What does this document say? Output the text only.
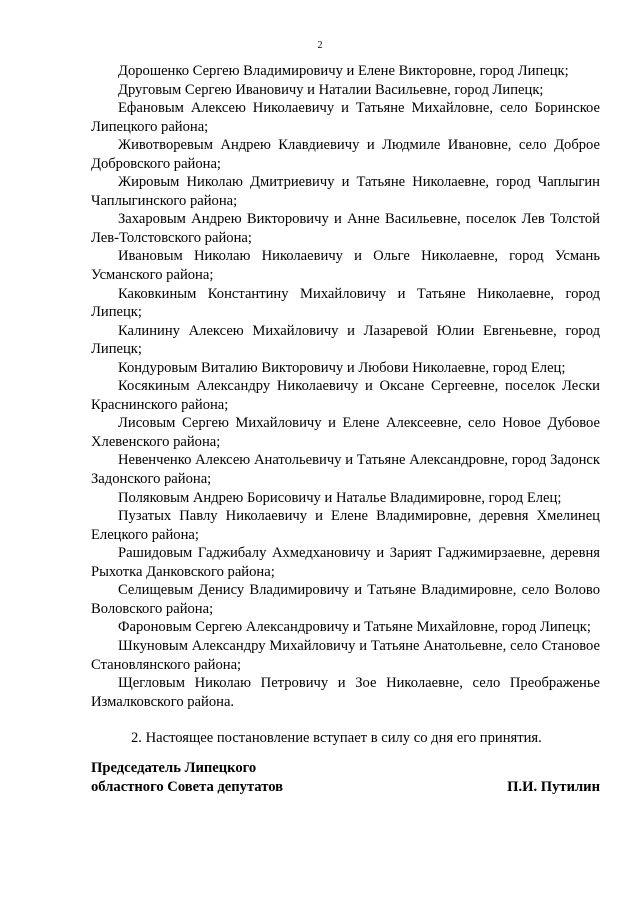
2

Дорошенко Сергею Владимировичу и Елене Викторовне, город Липецк;

Друговым Сергею Ивановичу и Наталии Васильевне, город Липецк;

Ефановым Алексею Николаевичу и Татьяне Михайловне, село Боринское Липецкого района;

Животворевым Андрею Клавдиевичу и Людмиле Ивановне, село Доброе Добровского района;

Жировым Николаю Дмитриевичу и Татьяне Николаевне, город Чаплыгин Чаплыгинского района;

Захаровым Андрею Викторовичу и Анне Васильевне, поселок Лев Толстой Лев-Толстовского района;

Ивановым Николаю Николаевичу и Ольге Николаевне, город Усмань Усманского района;

Каковкиным Константину Михайловичу и Татьяне Николаевне, город Липецк;

Калинину Алексею Михайловичу и Лазаревой Юлии Евгеньевне, город Липецк;

Кондуровым Виталию Викторовичу и Любови Николаевне, город Елец;

Косякиным Александру Николаевичу и Оксане Сергеевне, поселок Лески Краснинского района;

Лисовым Сергею Михайловичу и Елене Алексеевне, село Новое Дубовое Хлевенского района;

Невенченко Алексею Анатольевичу и Татьяне Александровне, город Задонск Задонского района;

Поляковым Андрею Борисовичу и Наталье Владимировне, город Елец;

Пузатых Павлу Николаевичу и Елене Владимировне, деревня Хмелинец Елецкого района;

Рашидовым Гаджибалу Ахмедхановичу и Зарият Гаджимирзаевне, деревня Рыхотка Данковского района;

Селищевым Денису Владимировичу и Татьяне Владимировне, село Волово Воловского района;

Фароновым Сергею Александровичу и Татьяне Михайловне, город Липецк;

Шкуновым Александру Михайловичу и Татьяне Анатольевне, село Становое Становлянского района;

Щегловым Николаю Петровичу и Зое Николаевне, село Преображенье Измалковского района.

2. Настоящее постановление вступает в силу со дня его принятия.

Председатель Липецкого
областного Совета депутатов	П.И. Путилин
